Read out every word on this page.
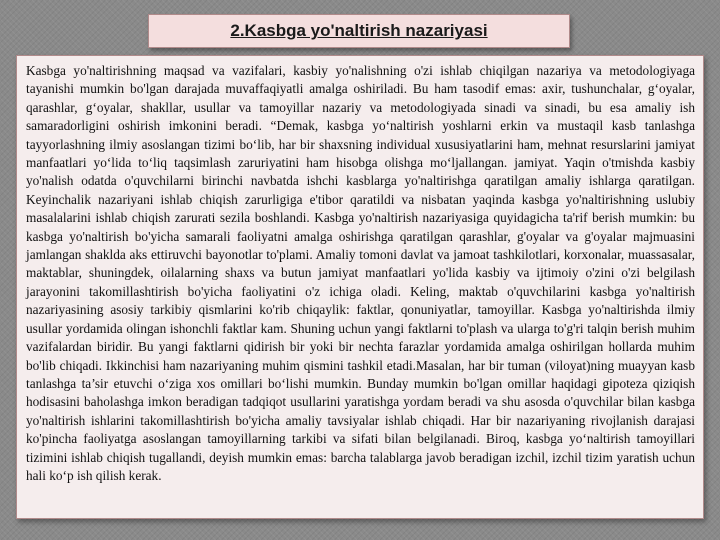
2.Kasbga yo'naltirish nazariyasi

Kasbga yo'naltirishning maqsad va vazifalari, kasbiy yo'nalishning o'zi ishlab chiqilgan nazariya va metodologiyaga tayanishi mumkin bo'lgan darajada muvaffaqiyatli amalga oshiriladi. Bu ham tasodif emas: axir, tushunchalar, g‘oyalar, qarashlar, g‘oyalar, shakllar, usullar va tamoyillar nazariy va metodologiyada sinadi va sinadi, bu esa amaliy ish samaradorligini oshirish imkonini beradi. “Demak, kasbga yo‘naltirish yoshlarni erkin va mustaqil kasb tanlashga tayyorlashning ilmiy asoslangan tizimi bo‘lib, har bir shaxsning individual xususiyatlarini ham, mehnat resurslarini jamiyat manfaatlari yo‘lida to‘liq taqsimlash zaruriyatini ham hisobga olishga mo‘ljallangan. jamiyat. Yaqin o'tmishda kasbiy yo'nalish odatda o'quvchilarni birinchi navbatda ishchi kasblarga yo'naltirishga qaratilgan amaliy ishlarga qaratilgan. Keyinchalik nazariyani ishlab chiqish zarurligiga e'tibor qaratildi va nisbatan yaqinda kasbga yo'naltirishning uslubiy masalalarini ishlab chiqish zarurati sezila boshlandi. Kasbga yo'naltirish nazariyasiga quyidagicha ta'rif berish mumkin: bu kasbga yo'naltirish bo'yicha samarali faoliyatni amalga oshirishga qaratilgan qarashlar, g'oyalar va g'oyalar majmuasini jamlangan shaklda aks ettiruvchi bayonotlar to'plami. Amaliy tomoni davlat va jamoat tashkilotlari, korxonalar, muassasalar, maktablar, shuningdek, oilalarning shaxs va butun jamiyat manfaatlari yo'lida kasbiy va ijtimoiy o'zini o'zi belgilash jarayonini takomillashtirish bo'yicha faoliyatini o'z ichiga oladi. Keling, maktab o'quvchilarini kasbga yo'naltirish nazariyasining asosiy tarkibiy qismlarini ko'rib chiqaylik: faktlar, qonuniyatlar, tamoyillar. Kasbga yo'naltirishda ilmiy usullar yordamida olingan ishonchli faktlar kam. Shuning uchun yangi faktlarni to'plash va ularga to'g'ri talqin berish muhim vazifalardan biridir. Bu yangi faktlarni qidirish bir yoki bir nechta farazlar yordamida amalga oshirilgan hollarda muhim bo'lib chiqadi. Ikkinchisi ham nazariyaning muhim qismini tashkil etadi.Masalan, har bir tuman (viloyat)ning muayyan kasb tanlashga ta’sir etuvchi o‘ziga xos omillari bo‘lishi mumkin. Bunday mumkin bo'lgan omillar haqidagi gipoteza qiziqish hodisasini baholashga imkon beradigan tadqiqot usullarini yaratishga yordam beradi va shu asosda o'quvchilar bilan kasbga yo'naltirish ishlarini takomillashtirish bo'yicha amaliy tavsiyalar ishlab chiqadi. Har bir nazariyaning rivojlanish darajasi ko'pincha faoliyatga asoslangan tamoyillarning tarkibi va sifati bilan belgilanadi. Biroq, kasbga yo‘naltirish tamoyillari tizimini ishlab chiqish tugallandi, deyish mumkin emas: barcha talablarga javob beradigan izchil, izchil tizim yaratish uchun hali ko‘p ish qilish kerak.
